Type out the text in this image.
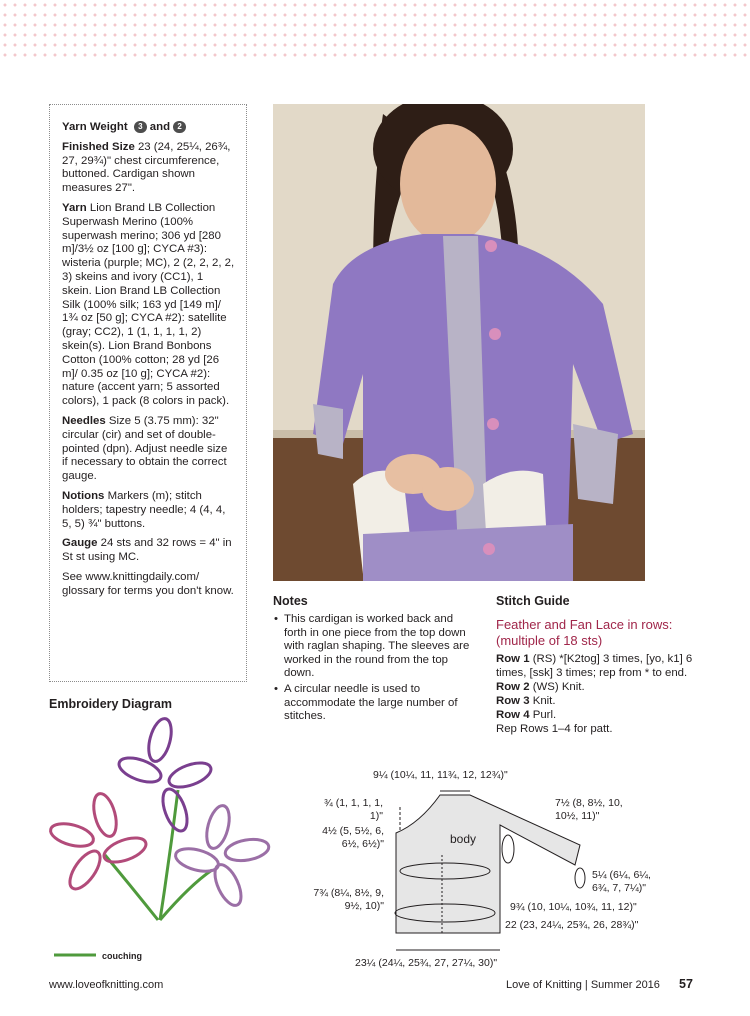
Yarn Weight 3 and 2

Finished Size 23 (24, 25¼, 26¾, 27, 29¾)" chest circumference, buttoned. Cardigan shown measures 27".

Yarn Lion Brand LB Collection Superwash Merino (100% superwash merino; 306 yd [280 m]/3½ oz [100 g]; CYCA #3): wisteria (purple; MC), 2 (2, 2, 2, 2, 3) skeins and ivory (CC1), 1 skein. Lion Brand LB Collection Silk (100% silk; 163 yd [149 m]/ 1¾ oz [50 g]; CYCA #2): satellite (gray; CC2), 1 (1, 1, 1, 1, 2) skein(s). Lion Brand Bonbons Cotton (100% cotton; 28 yd [26 m]/ 0.35 oz [10 g]; CYCA #2): nature (accent yarn; 5 assorted colors), 1 pack (8 colors in pack).

Needles Size 5 (3.75 mm): 32" circular (cir) and set of double-pointed (dpn). Adjust needle size if necessary to obtain the correct gauge.

Notions Markers (m); stitch holders; tapestry needle; 4 (4, 4, 5, 5) ¾" buttons.

Gauge 24 sts and 32 rows = 4" in St st using MC.

See www.knittingdaily.com/ glossary for terms you don't know.

Notes
• This cardigan is worked back and forth in one piece from the top down with raglan shaping. The sleeves are worked in the round from the top down.
• A circular needle is used to accommodate the large number of stitches.
Stitch Guide
Feather and Fan Lace in rows: (multiple of 18 sts)
Row 1 (RS) *[K2tog] 3 times, [yo, k1] 6 times, [ssk] 3 times; rep from * to end.
Row 2 (WS) Knit.
Row 3 Knit.
Row 4 Purl.
Rep Rows 1–4 for patt.
Embroidery Diagram
couching
9¼ (10¼, 11, 11¾, 12, 12¾)"
¾ (1, 1, 1, 1, 1)"
4½ (5, 5½, 6, 6½, 6½)"
7¾ (8¼, 8½, 9, 9½, 10)"
7½ (8, 8½, 10, 10½, 11)"
5¼ (6¼, 6¼, 6¾, 7, 7¼)"
9¾ (10, 10¼, 10¾, 11, 12)"
22 (23, 24¼, 25¾, 26, 28¾)"
23¼ (24¼, 25¾, 27, 27¼, 30)"
body
www.loveofknitting.com	Love of Knitting | Summer 2016 57
